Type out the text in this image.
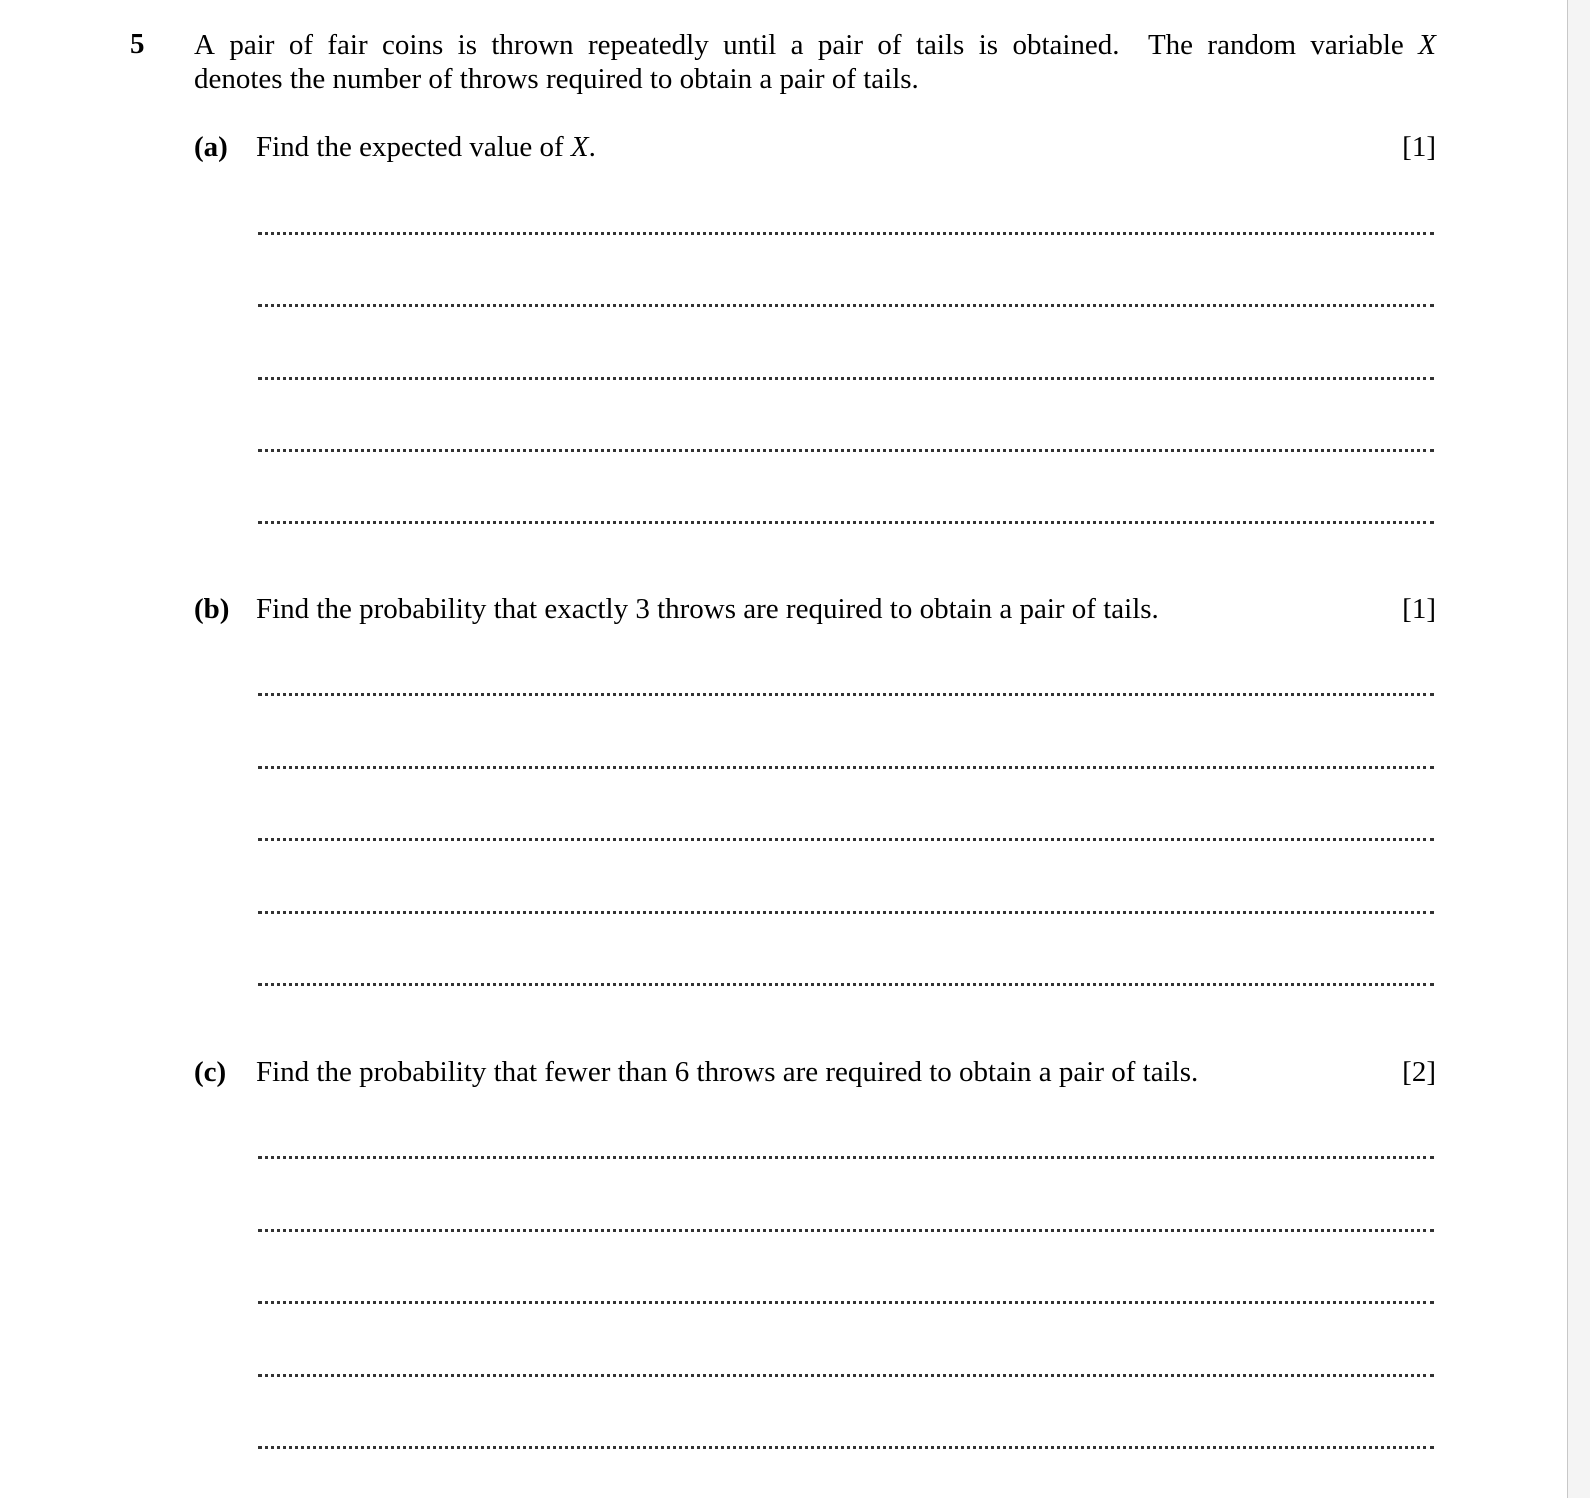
5 A pair of fair coins is thrown repeatedly until a pair of tails is obtained. The random variable X
denotes the number of throws required to obtain a pair of tails.
(a) Find the expected value of X.	[1]
(b) Find the probability that exactly 3 throws are required to obtain a pair of tails.	[1]
(c) Find the probability that fewer than 6 throws are required to obtain a pair of tails.	[2]
